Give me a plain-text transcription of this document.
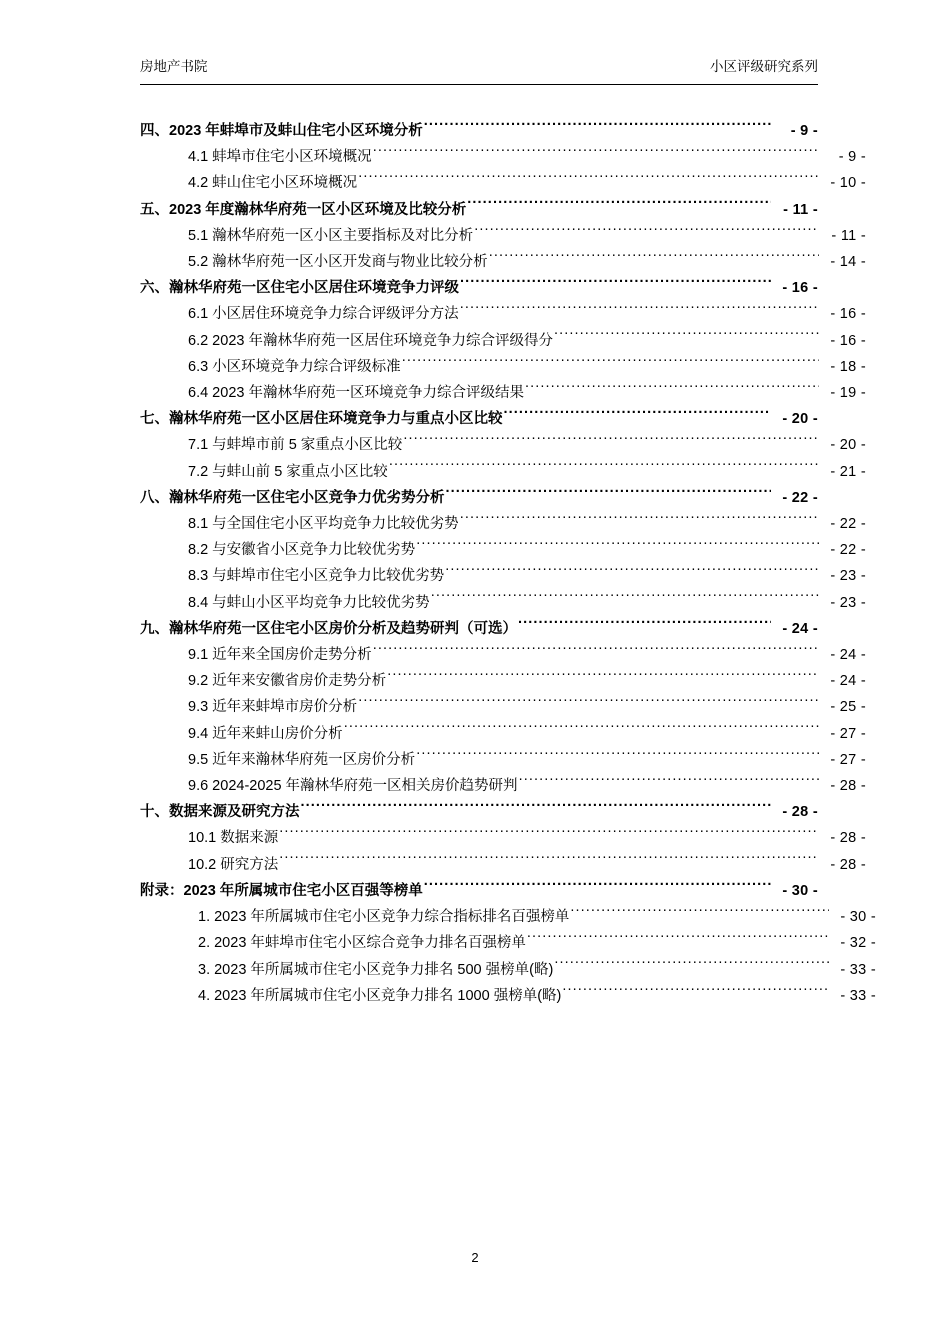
房地产书院	小区评级研究系列
四、2023 年蚌埠市及蚌山住宅小区环境分析 .....	- 9 -
4.1 蚌埠市住宅小区环境概况 .....	- 9 -
4.2 蚌山住宅小区环境概况 .....	- 10 -
五、2023 年度瀚林华府苑一区小区环境及比较分析 .....	- 11 -
5.1 瀚林华府苑一区小区主要指标及对比分析 .....	- 11 -
5.2 瀚林华府苑一区小区开发商与物业比较分析 .....	- 14 -
六、瀚林华府苑一区住宅小区居住环境竞争力评级 .....	- 16 -
6.1 小区居住环境竞争力综合评级评分方法 .....	- 16 -
6.2 2023 年瀚林华府苑一区居住环境竞争力综合评级得分 .....	- 16 -
6.3 小区环境竞争力综合评级标准 .....	- 18 -
6.4 2023 年瀚林华府苑一区环境竞争力综合评级结果 .....	- 19 -
七、瀚林华府苑一区小区居住环境竞争力与重点小区比较 .....	- 20 -
7.1 与蚌埠市前 5 家重点小区比较 .....	- 20 -
7.2 与蚌山前 5 家重点小区比较 .....	- 21 -
八、瀚林华府苑一区住宅小区竞争力优劣势分析 .....	- 22 -
8.1 与全国住宅小区平均竞争力比较优劣势 .....	- 22 -
8.2 与安徽省小区竞争力比较优劣势 .....	- 22 -
8.3 与蚌埠市住宅小区竞争力比较优劣势 .....	- 23 -
8.4 与蚌山小区平均竞争力比较优劣势 .....	- 23 -
九、瀚林华府苑一区住宅小区房价分析及趋势研判（可选） .....	- 24 -
9.1 近年来全国房价走势分析 .....	- 24 -
9.2 近年来安徽省房价走势分析 .....	- 24 -
9.3 近年来蚌埠市房价分析 .....	- 25 -
9.4 近年来蚌山房价分析 .....	- 27 -
9.5 近年来瀚林华府苑一区房价分析 .....	- 27 -
9.6 2024-2025 年瀚林华府苑一区相关房价趋势研判 .....	- 28 -
十、数据来源及研究方法 .....	- 28 -
10.1 数据来源 .....	- 28 -
10.2 研究方法 .....	- 28 -
附录：2023 年所属城市住宅小区百强等榜单 .....	- 30 -
1. 2023 年所属城市住宅小区竞争力综合指标排名百强榜单 .....	- 30 -
2. 2023 年蚌埠市住宅小区综合竞争力排名百强榜单 .....	- 32 -
3. 2023 年所属城市住宅小区竞争力排名 500 强榜单(略) .....	- 33 -
4. 2023 年所属城市住宅小区竞争力排名 1000 强榜单(略) .....	- 33 -
2
